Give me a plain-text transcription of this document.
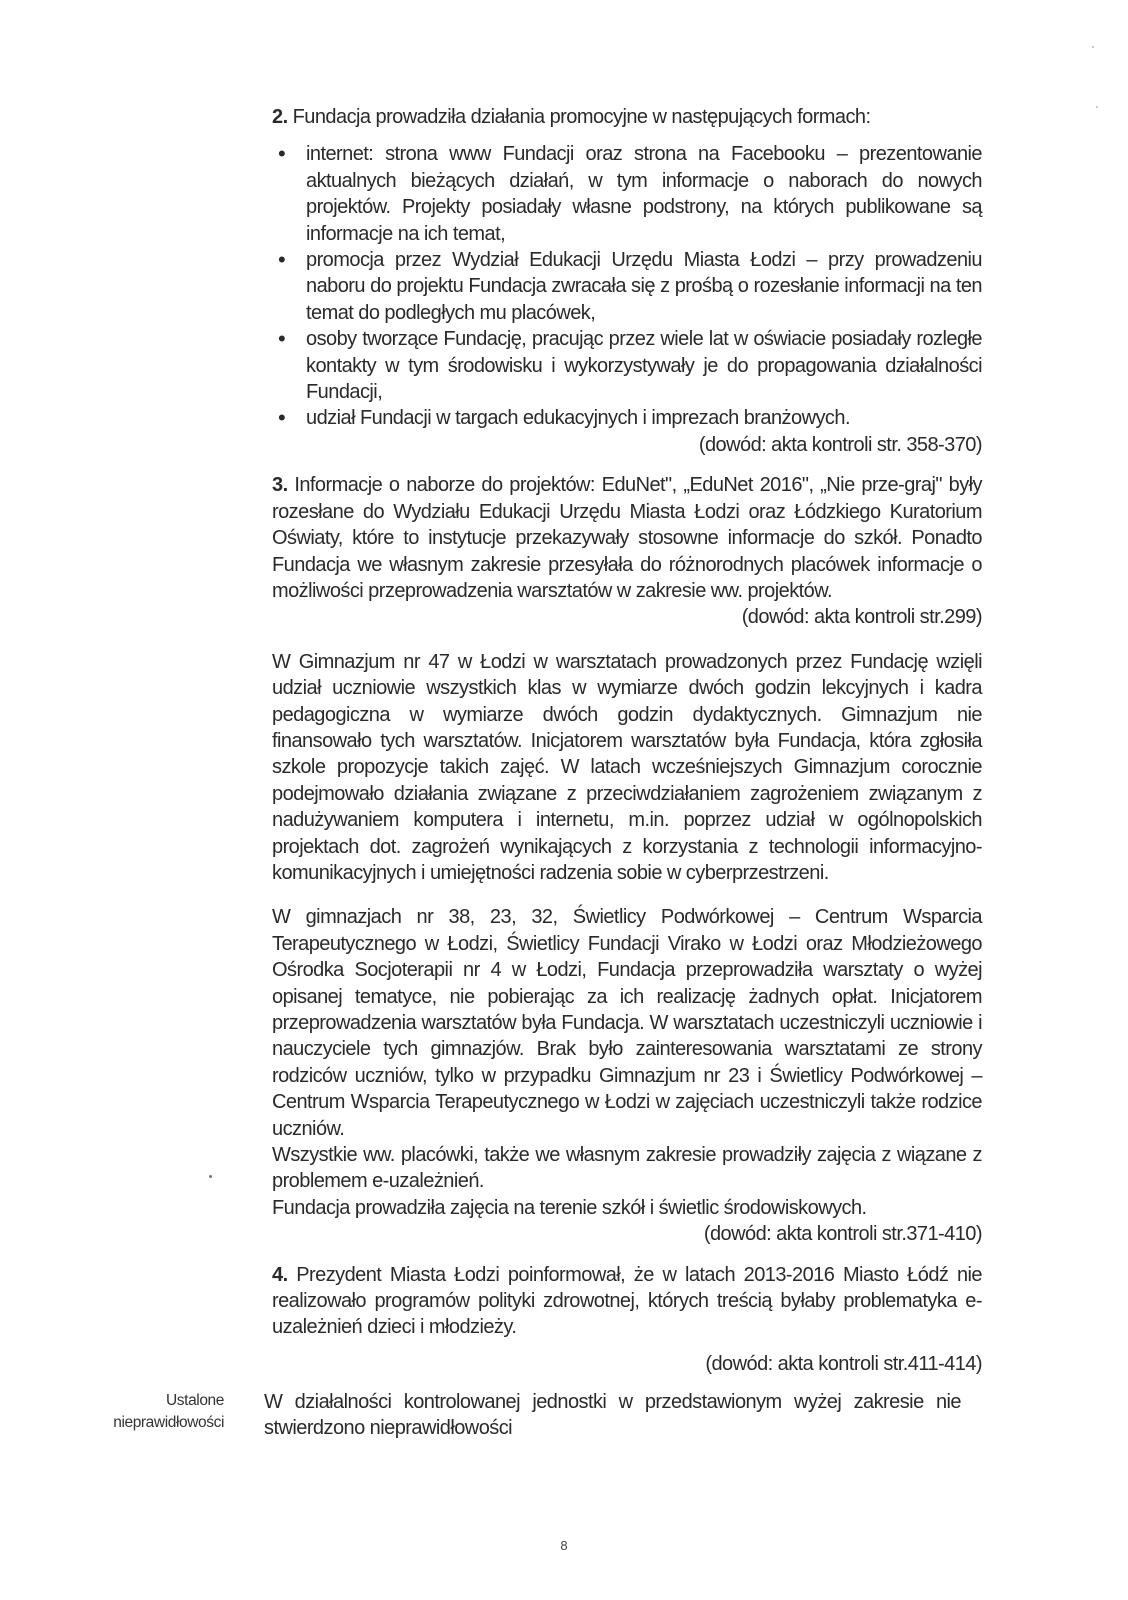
2. Fundacja prowadziła działania promocyjne w następujących formach:

• internet: strona www Fundacji oraz strona na Facebooku – prezentowanie aktualnych bieżących działań, w tym informacje o naborach do nowych projektów. Projekty posiadały własne podstrony, na których publikowane są informacje na ich temat,
• promocja przez Wydział Edukacji Urzędu Miasta Łodzi – przy prowadzeniu naboru do projektu Fundacja zwracała się z prośbą o rozesłanie informacji na ten temat do podległych mu placówek,
• osoby tworzące Fundację, pracując przez wiele lat w oświacie posiadały rozległe kontakty w tym środowisku i wykorzystywały je do propagowania działalności Fundacji,
• udział Fundacji w targach edukacyjnych i imprezach branżowych.

(dowód: akta kontroli str. 358-370)

3. Informacje o naborze do projektów: EduNet", „EduNet 2016", „Nie prze-graj" były rozesłane do Wydziału Edukacji Urzędu Miasta Łodzi oraz Łódzkiego Kuratorium Oświaty, które to instytucje przekazywały stosowne informacje do szkół. Ponadto Fundacja we własnym zakresie przesyłała do różnorodnych placówek informacje o możliwości przeprowadzenia warsztatów w zakresie ww. projektów.

(dowód: akta kontroli str.299)

W Gimnazjum nr 47 w Łodzi w warsztatach prowadzonych przez Fundację wzięli udział uczniowie wszystkich klas w wymiarze dwóch godzin lekcyjnych i kadra pedagogiczna w wymiarze dwóch godzin dydaktycznych. Gimnazjum nie finansowało tych warsztatów. Inicjatorem warsztatów była Fundacja, która zgłosiła szkole propozycje takich zajęć. W latach wcześniejszych Gimnazjum corocznie podejmowało działania związane z przeciwdziałaniem zagrożeniem związanym z nadużywaniem komputera i internetu, m.in. poprzez udział w ogólnopolskich projektach dot. zagrożeń wynikających z korzystania z technologii informacyjno-komunikacyjnych i umiejętności radzenia sobie w cyberprzestrzeni.

W gimnazjach nr 38, 23, 32, Świetlicy Podwórkowej – Centrum Wsparcia Terapeutycznego w Łodzi, Świetlicy Fundacji Virako w Łodzi oraz Młodzieżowego Ośrodka Socjoterapii nr 4 w Łodzi, Fundacja przeprowadziła warsztaty o wyżej opisanej tematyce, nie pobierając za ich realizację żadnych opłat. Inicjatorem przeprowadzenia warsztatów była Fundacja. W warsztatach uczestniczyli uczniowie i nauczyciele tych gimnazjów. Brak było zainteresowania warsztatami ze strony rodziców uczniów, tylko w przypadku Gimnazjum nr 23 i Świetlicy Podwórkowej – Centrum Wsparcia Terapeutycznego w Łodzi w zajęciach uczestniczyli także rodzice uczniów.

Wszystkie ww. placówki, także we własnym zakresie prowadziły zajęcia z wiązane z problemem e-uzależnień.

Fundacja prowadziła zajęcia na terenie szkół i świetlic środowiskowych.

(dowód: akta kontroli str.371-410)

4. Prezydent Miasta Łodzi poinformował, że w latach 2013-2016 Miasto Łódź nie realizowało programów polityki zdrowotnej, których treścią byłaby problematyka e-uzależnień dzieci i młodzieży.

(dowód: akta kontroli str.411-414)

Ustalone
nieprawidłowości

W działalności kontrolowanej jednostki w przedstawionym wyżej zakresie nie stwierdzono nieprawidłowości

8
